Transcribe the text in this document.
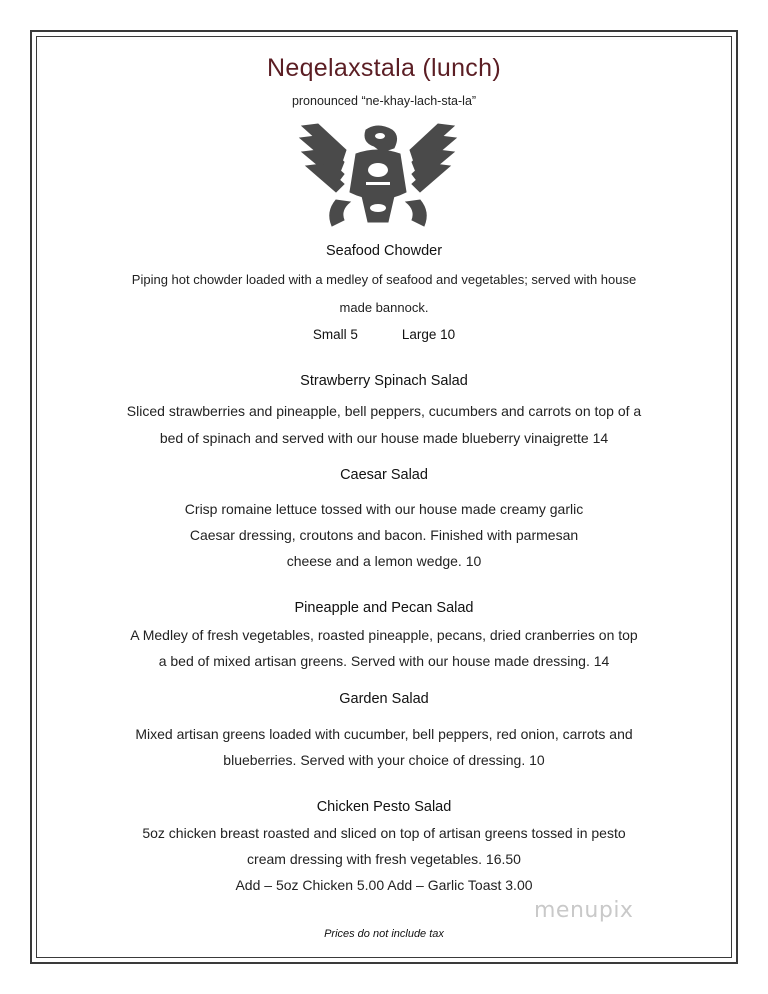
Neqelaxstala (lunch)
pronounced “ne-khay-lach-sta-la”
Seafood Chowder
Piping hot chowder loaded with a medley of seafood and vegetables; served with house
made bannock.
Small 5	Large 10
Strawberry Spinach Salad
Sliced strawberries and pineapple, bell peppers, cucumbers and carrots on top of a
bed of spinach and served with our house made blueberry vinaigrette 14
Caesar Salad
Crisp romaine lettuce tossed with our house made creamy garlic
Caesar dressing, croutons and bacon. Finished with parmesan
cheese and a lemon wedge. 10
Pineapple and Pecan Salad
A Medley of fresh vegetables, roasted pineapple, pecans, dried cranberries on top
a bed of mixed artisan greens. Served with our house made dressing. 14
Garden Salad
Mixed artisan greens loaded with cucumber, bell peppers, red onion, carrots and
blueberries. Served with your choice of dressing. 10
Chicken Pesto Salad
5oz chicken breast roasted and sliced on top of artisan greens tossed in pesto
cream dressing with fresh vegetables. 16.50
Add – 5oz Chicken 5.00 Add – Garlic Toast 3.00
menupix
Prices do not include tax
